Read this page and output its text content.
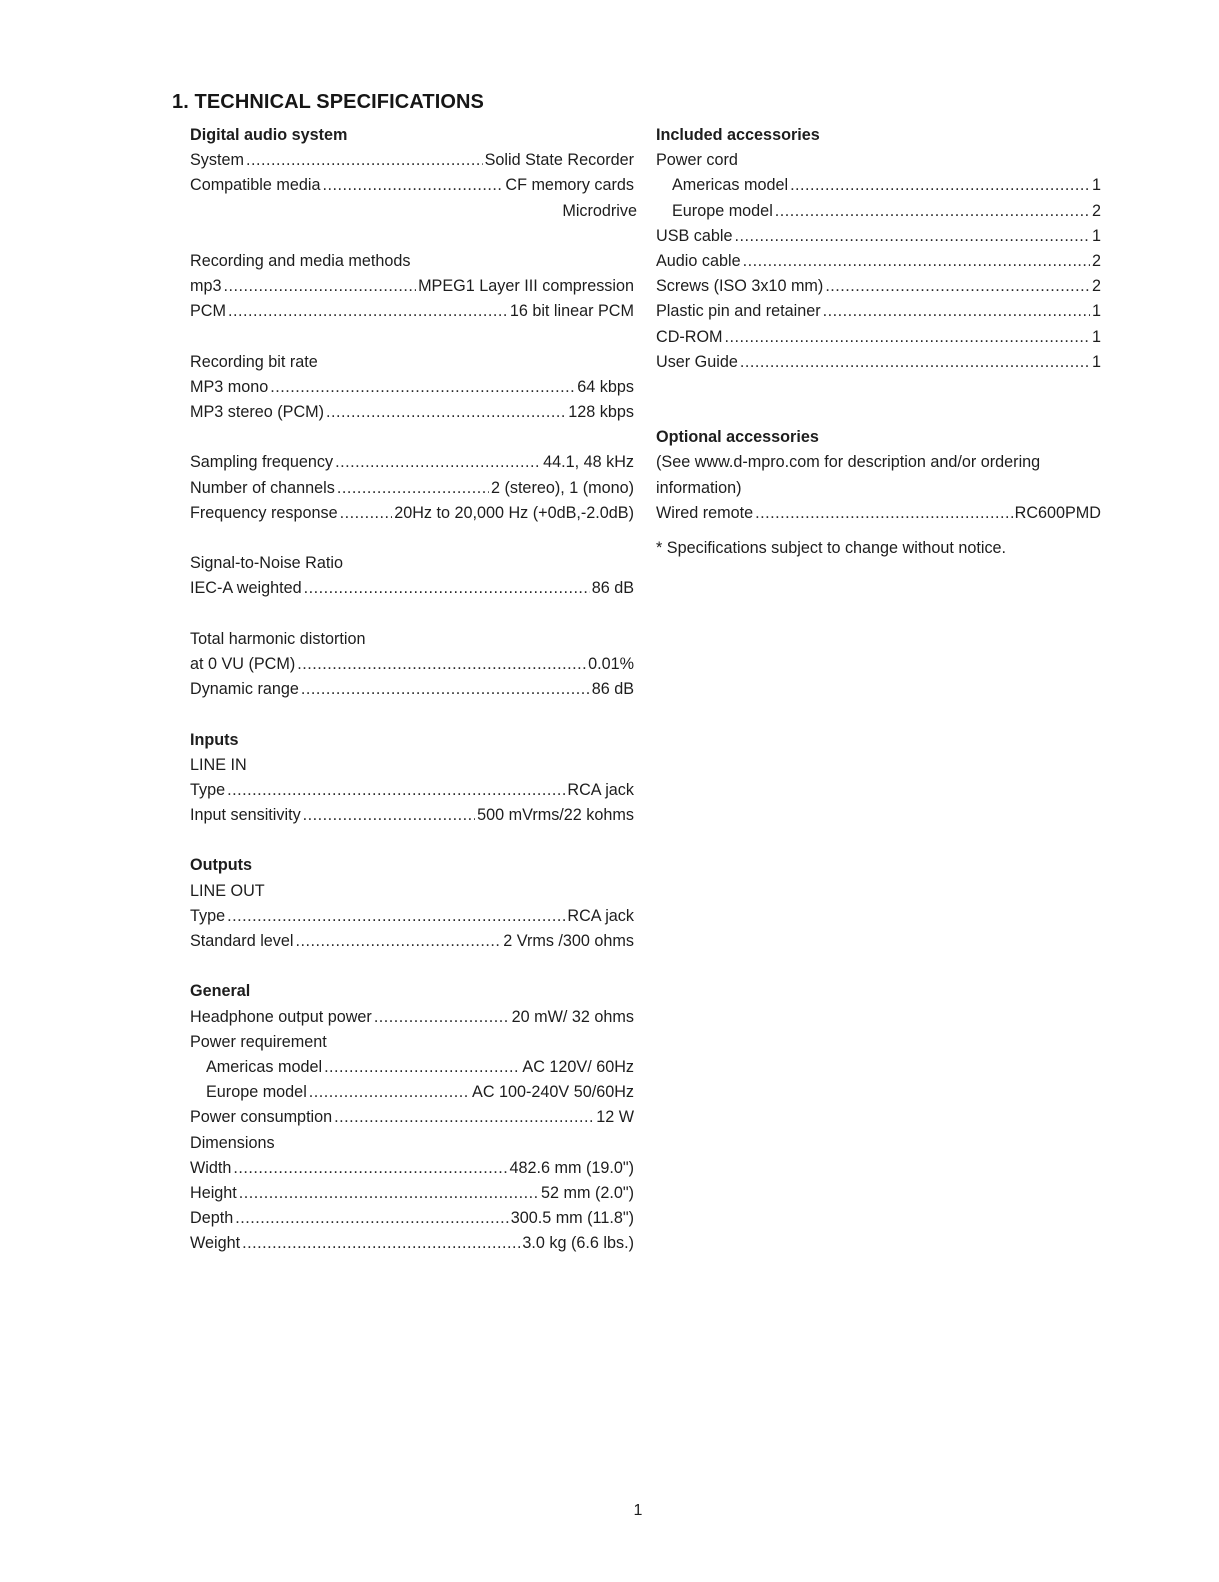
1. TECHNICAL SPECIFICATIONS
Digital audio system
System .....	Solid State Recorder
Compatible media .....	CF memory cards
Microdrive
Recording and media methods
mp3 .....	MPEG1 Layer III compression
PCM .....	16 bit linear PCM
Recording bit rate
MP3 mono .....	64 kbps
MP3 stereo (PCM) .....	128 kbps
Sampling frequency .....	44.1, 48 kHz
Number of channels .....	2 (stereo), 1 (mono)
Frequency response .....	20Hz to 20,000 Hz (+0dB,-2.0dB)
Signal-to-Noise Ratio
IEC-A weighted .....	86 dB
Total harmonic distortion
at 0 VU (PCM) .....	0.01%
Dynamic range .....	86 dB
Inputs
LINE IN
Type .....	RCA jack
Input sensitivity .....	500 mVrms/22 kohms
Outputs
LINE OUT
Type .....	RCA jack
Standard level .....	2 Vrms /300 ohms
General
Headphone output power .....	20 mW/ 32 ohms
Power requirement
Americas model .....	AC 120V/ 60Hz
Europe model .....	AC 100-240V 50/60Hz
Power consumption .....	12 W
Dimensions
Width .....	482.6 mm (19.0")
Height .....	52 mm (2.0")
Depth .....	300.5 mm (11.8")
Weight .....	3.0 kg (6.6 lbs.)
Included accessories
Power cord
Americas model .....	1
Europe model .....	2
USB cable .....	1
Audio cable .....	2
Screws (ISO 3x10 mm) .....	2
Plastic pin and retainer .....	1
CD-ROM .....	1
User Guide .....	1
Optional accessories
(See www.d-mpro.com for description and/or ordering
information)
Wired remote .....	RC600PMD
* Specifications subject to change without notice.
1
